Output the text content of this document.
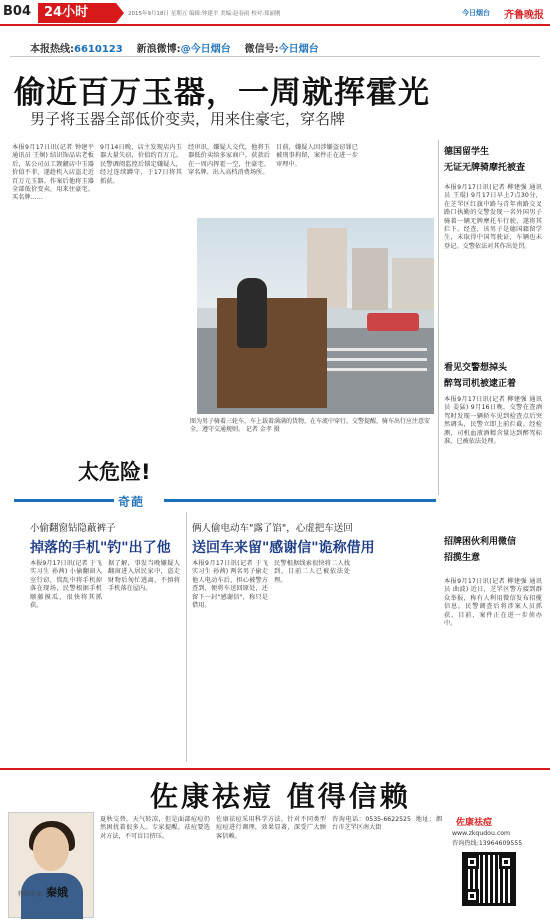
B04	24小时	2015年9月18日 星期五 编辑:钟建平 美编:赵春雨 校对:郑丽刚	今日烟台 齐鲁晚报
本报热线:6610123 新浪微博:@今日烟台 微信号:今日烟台
偷近百万玉器，一周就挥霍光
男子将玉器全部低价变卖，用来住豪宅，穿名牌
本报9月17日讯(记者 钟建平 通讯员 王炯) 结识饰品店老板后，某公司员工觊觎店中玉器价值不菲，遂趁机入店盗走近百万元玉器。作案后他将玉器全部低价变卖，用来住豪宅、买名牌……
9月14日晚，店主发现店内玉器大量失窃，价值约百万元。民警调阅监控后锁定嫌疑人，经过连续蹲守，于17日将其抓获。
经审讯，嫌疑人交代，他将玉器低价卖给多家商户，获款后在一周内挥霍一空，住豪宅、穿名牌、出入高档消费场所。
目前，嫌疑人因涉嫌盗窃罪已被刑事拘留，案件正在进一步审理中。
太危险!
图为男子骑着三轮车，车上载着满满的货物，在车流中穿行。交警提醒，骑车出行应注意安全，遵守交通规则。 记者 金孝 摄
德国留学生
无证无牌骑摩托被查
本报9月17日讯(记者 柳建强 通讯员 王琨) 9月17日早上7点30分，在芝罘区红旗中路与青年南路交叉路口执勤的交警发现一名外国男子骑着一辆无牌摩托车行驶，遂将其拦下。经查，该男子是德国籍留学生，未取得中国驾驶证，车辆也未登记。交警依法对其作出处罚。
看见交警想掉头
醉驾司机被逮正着
本报9月17日讯(记者 柳建强 通讯员 姜猛) 9月16日晚，交警在查酒驾时发现一辆轿车见到检查点后突然调头，民警立即上前拦截。经检测，司机血液酒精含量达到醉驾标准，已被依法处理。
招牌困伙利用微信
招揽生意
本报9月17日讯(记者 柳建强 通讯员 曲波) 近日，芝罘区警方接到群众举报，称有人利用微信发布招揽信息。民警调查后将涉案人员抓获。目前，案件正在进一步侦办中。
奇葩
小偷翻窗钻隐蔽裤子
掉落的手机"钓"出了他
本报9月17日讯(记者 于飞 实习生 孙茜) 小偷翻窗入室行窃，慌乱中将手机掉落在现场，民警根据手机顺藤摸瓜，很快将其抓获。
据了解，事发当晚嫌疑人翻窗进入居民家中，盗走财物后匆忙逃离，不慎将手机落在屋内。
俩人偷电动车"露了馅"，心虚把车送回
送回车来留"感谢信"诡称借用
本报9月17日讯(记者 于飞 实习生 孙茜) 两名男子偷走他人电动车后，担心被警方查到，便将车送回原处，还留下一封"感谢信"，称只是借用。
民警根据线索很快将二人找到，目前二人已被依法处理。
佐康祛痘 值得信赖
特约专家: 秦娥
夏秋交替，天气转凉，但是面部痘痘仍然困扰着很多人。专家提醒，祛痘要选对方法，不可盲目挤压。
佐康祛痘采用科学方法，针对不同类型痘痘进行调理，效果显著，深受广大顾客信赖。
咨询电话：0535-6622525  地址：烟台市芝罘区南大街	佐康祛痘
www.zkqudou.com
咨询热线:13964609555
